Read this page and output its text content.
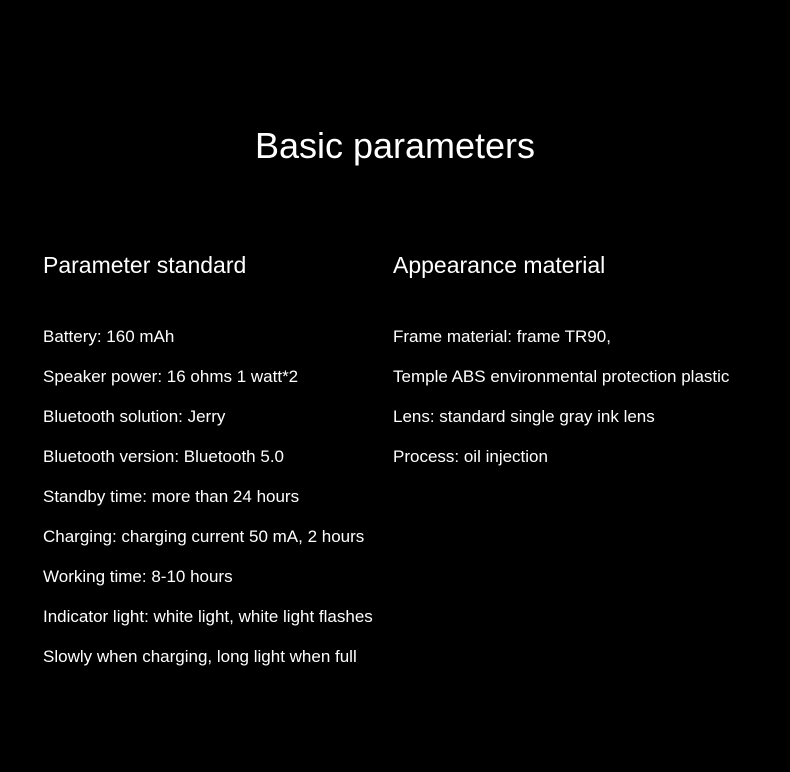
Basic parameters
Parameter standard
Battery: 160 mAh
Speaker power: 16 ohms 1 watt*2
Bluetooth solution: Jerry
Bluetooth version: Bluetooth 5.0
Standby time: more than 24 hours
Charging: charging current 50 mA, 2 hours
Working time: 8-10 hours
Indicator light: white light, white light flashes
Slowly when charging, long light when full
Appearance material
Frame material: frame TR90,
Temple ABS environmental protection plastic
Lens: standard single gray ink lens
Process: oil injection
